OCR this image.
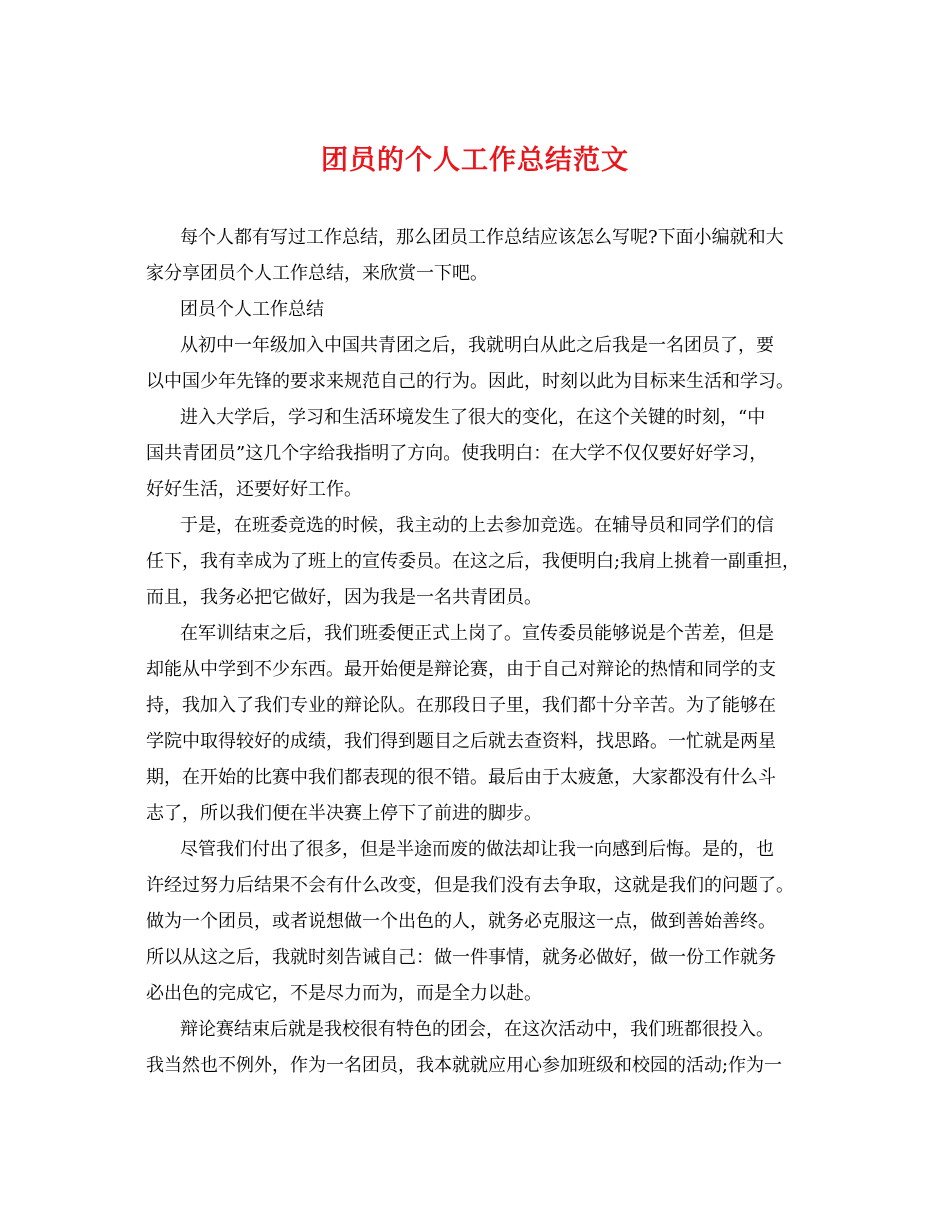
团员的个人工作总结范文
每个人都有写过工作总结，那么团员工作总结应该怎么写呢?下面小编就和大
家分享团员个人工作总结，来欣赏一下吧。
团员个人工作总结
从初中一年级加入中国共青团之后，我就明白从此之后我是一名团员了，要
以中国少年先锋的要求来规范自己的行为。因此，时刻以此为目标来生活和学习。
进入大学后，学习和生活环境发生了很大的变化，在这个关键的时刻，“中
国共青团员”这几个字给我指明了方向。使我明白：在大学不仅仅要好好学习，
好好生活，还要好好工作。
于是，在班委竞选的时候，我主动的上去参加竞选。在辅导员和同学们的信
任下，我有幸成为了班上的宣传委员。在这之后，我便明白;我肩上挑着一副重担，
而且，我务必把它做好，因为我是一名共青团员。
在军训结束之后，我们班委便正式上岗了。宣传委员能够说是个苦差，但是
却能从中学到不少东西。最开始便是辩论赛，由于自己对辩论的热情和同学的支
持，我加入了我们专业的辩论队。在那段日子里，我们都十分辛苦。为了能够在
学院中取得较好的成绩，我们得到题目之后就去查资料，找思路。一忙就是两星
期，在开始的比赛中我们都表现的很不错。最后由于太疲惫，大家都没有什么斗
志了，所以我们便在半决赛上停下了前进的脚步。
尽管我们付出了很多，但是半途而废的做法却让我一向感到后悔。是的，也
许经过努力后结果不会有什么改变，但是我们没有去争取，这就是我们的问题了。
做为一个团员，或者说想做一个出色的人，就务必克服这一点，做到善始善终。
所以从这之后，我就时刻告诫自己：做一件事情，就务必做好，做一份工作就务
必出色的完成它，不是尽力而为，而是全力以赴。
辩论赛结束后就是我校很有特色的团会，在这次活动中，我们班都很投入。
我当然也不例外，作为一名团员，我本就就应用心参加班级和校园的活动;作为一
